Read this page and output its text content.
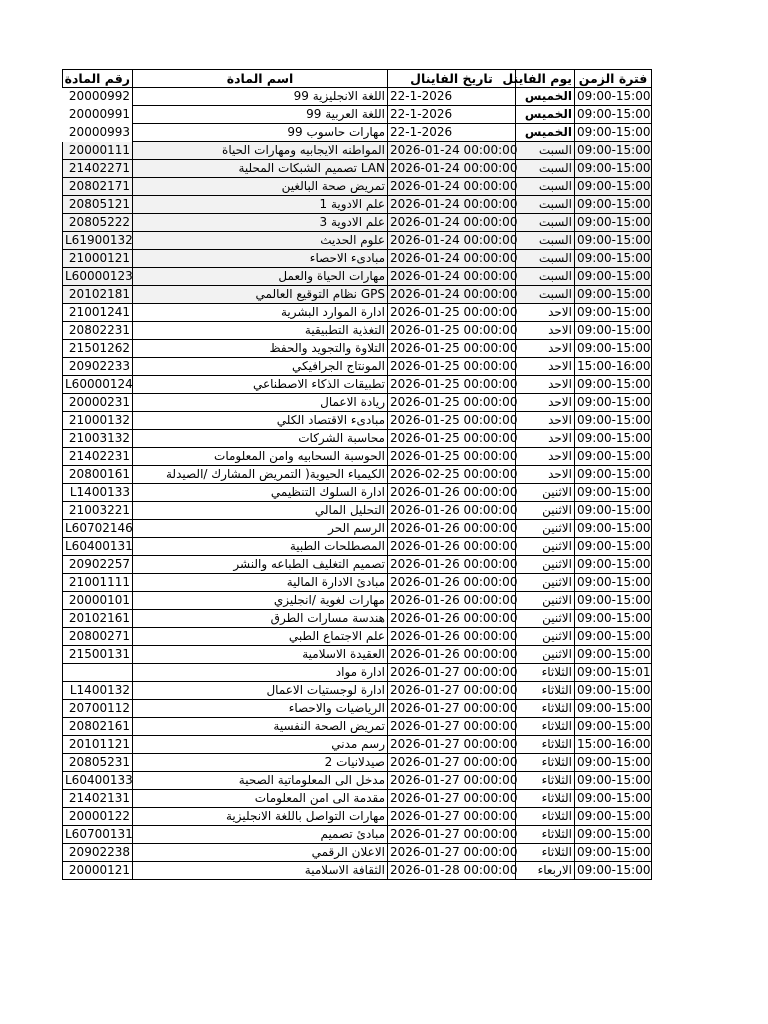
رقم المادة	اسم المادة	تاريخ الفاينال	يوم الفاينل	فترة الزمن
20000992	اللغة الانجليزية 99	22-1-2026	الخميس	09:00-15:00
20000991	اللغة العربية 99	22-1-2026	الخميس	09:00-15:00
20000993	مهارات حاسوب 99	22-1-2026	الخميس	09:00-15:00
20000111	المواطنه الايجابيه ومهارات الحياة	2026-01-24 00:00:00	السبت	09:00-15:00
21402271	LAN تصميم الشبكات المحلية	2026-01-24 00:00:00	السبت	09:00-15:00
20802171	تمريض صحة البالغين	2026-01-24 00:00:00	السبت	09:00-15:00
20805121	علم الادوية 1	2026-01-24 00:00:00	السبت	09:00-15:00
20805222	علم الادوية 3	2026-01-24 00:00:00	السبت	09:00-15:00
L61900132	علوم الحديث	2026-01-24 00:00:00	السبت	09:00-15:00
21000121	مبادىء الاحصاء	2026-01-24 00:00:00	السبت	09:00-15:00
L60000123	مهارات الحياة والعمل	2026-01-24 00:00:00	السبت	09:00-15:00
20102181	GPS نظام التوقيع العالمي	2026-01-24 00:00:00	السبت	09:00-15:00
21001241	ادارة الموارد البشرية	2026-01-25 00:00:00	الاحد	09:00-15:00
20802231	التغذية التطبيقية	2026-01-25 00:00:00	الاحد	09:00-15:00
21501262	التلاوة والتجويد والحفظ	2026-01-25 00:00:00	الاحد	09:00-15:00
20902233	المونتاج الجرافيكي	2026-01-25 00:00:00	الاحد	15:00-16:00
L60000124	تطبيقات الذكاء الاصطناعي	2026-01-25 00:00:00	الاحد	09:00-15:00
20000231	ريادة الاعمال	2026-01-25 00:00:00	الاحد	09:00-15:00
21000132	مبادىء الاقتصاد الكلي	2026-01-25 00:00:00	الاحد	09:00-15:00
21003132	محاسبة الشركات	2026-01-25 00:00:00	الاحد	09:00-15:00
21402231	الحوسبة السحابيه وامن المعلومات	2026-01-25 00:00:00	الاحد	09:00-15:00
20800161	الكيمياء الحيوية( التمريض المشارك /الصيدلة	2026-02-25 00:00:00	الاحد	09:00-15:00
L1400133	ادارة السلوك التنظيمي	2026-01-26 00:00:00	الاثنين	09:00-15:00
21003221	التحليل المالي	2026-01-26 00:00:00	الاثنين	09:00-15:00
L60702146	الرسم الحر	2026-01-26 00:00:00	الاثنين	09:00-15:00
L60400131	المصطلحات الطبية	2026-01-26 00:00:00	الاثنين	09:00-15:00
20902257	تصميم التغليف الطباعه والنشر	2026-01-26 00:00:00	الاثنين	09:00-15:00
21001111	مبادئ الادارة المالية	2026-01-26 00:00:00	الاثنين	09:00-15:00
20000101	مهارات لغوية /انجليزي	2026-01-26 00:00:00	الاثنين	09:00-15:00
20102161	هندسة مسارات الطرق	2026-01-26 00:00:00	الاثنين	09:00-15:00
20800271	علم الاجتماع الطبي	2026-01-26 00:00:00	الاثنين	09:00-15:00
21500131	العقيدة الاسلامية	2026-01-26 00:00:00	الاثنين	09:00-15:00
	ادارة مواد	2026-01-27 00:00:00	الثلاثاء	09:00-15:01
L1400132	ادارة لوجستيات الاعمال	2026-01-27 00:00:00	الثلاثاء	09:00-15:00
20700112	الرياضيات والاحصاء	2026-01-27 00:00:00	الثلاثاء	09:00-15:00
20802161	تمريض الصحة النفسية	2026-01-27 00:00:00	الثلاثاء	09:00-15:00
20101121	رسم مدني	2026-01-27 00:00:00	الثلاثاء	15:00-16:00
20805231	صيدلانيات 2	2026-01-27 00:00:00	الثلاثاء	09:00-15:00
L60400133	مدخل الى المعلوماتية الصحية	2026-01-27 00:00:00	الثلاثاء	09:00-15:00
21402131	مقدمة الى امن المعلومات	2026-01-27 00:00:00	الثلاثاء	09:00-15:00
20000122	مهارات التواصل باللغة الانجليزية	2026-01-27 00:00:00	الثلاثاء	09:00-15:00
L60700131	مبادئ تصميم	2026-01-27 00:00:00	الثلاثاء	09:00-15:00
20902238	الاعلان الرقمي	2026-01-27 00:00:00	الثلاثاء	09:00-15:00
20000121	الثقافة الاسلامية	2026-01-28 00:00:00	الاربعاء	09:00-15:00
